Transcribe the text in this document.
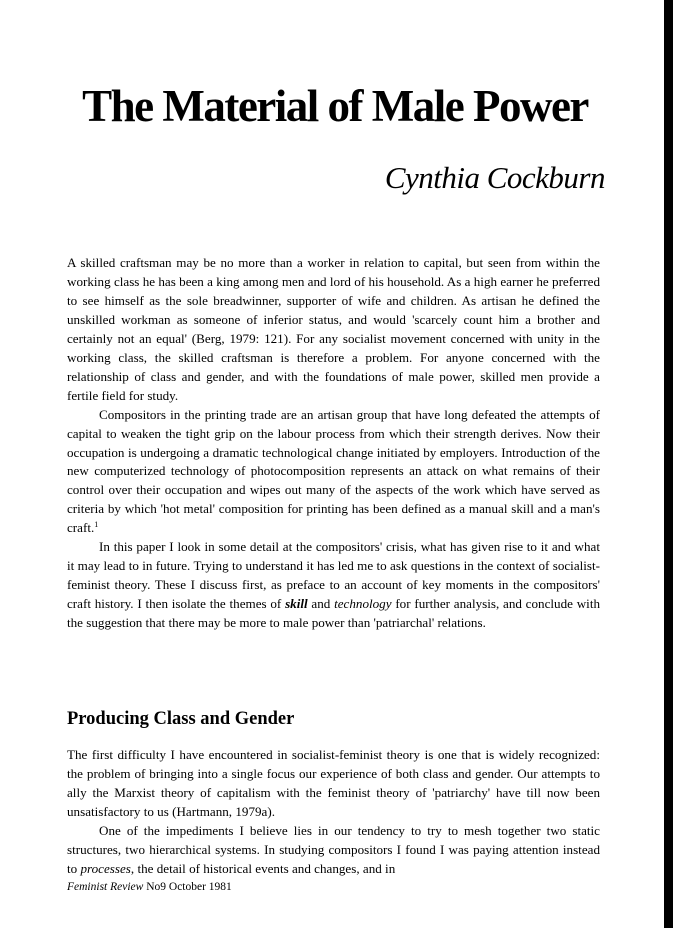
The Material of Male Power
Cynthia Cockburn

A skilled craftsman may be no more than a worker in relation to capital, but seen from within the working class he has been a king among men and lord of his household. As a high earner he preferred to see himself as the sole breadwinner, supporter of wife and children. As artisan he defined the unskilled workman as someone of inferior status, and would 'scarcely count him a brother and certainly not an equal' (Berg, 1979: 121). For any socialist movement concerned with unity in the working class, the skilled craftsman is therefore a problem. For anyone concerned with the relationship of class and gender, and with the foundations of male power, skilled men provide a fertile field for study.

Compositors in the printing trade are an artisan group that have long defeated the attempts of capital to weaken the tight grip on the labour process from which their strength derives. Now their occupation is undergoing a dramatic technological change initiated by employers. Introduction of the new computerized technology of photocomposition represents an attack on what remains of their control over their occupation and wipes out many of the aspects of the work which have served as criteria by which 'hot metal' composition for printing has been defined as a manual skill and a man's craft.$^1$

In this paper I look in some detail at the compositors' crisis, what has given rise to it and what it may lead to in future. Trying to understand it has led me to ask questions in the context of socialist-feminist theory. These I discuss first, as preface to an account of key moments in the compositors' craft history. I then isolate the themes of skill and technology for further analysis, and conclude with the suggestion that there may be more to male power than 'patriarchal' relations.

Producing Class and Gender

The first difficulty I have encountered in socialist-feminist theory is one that is widely recognized: the problem of bringing into a single focus our experience of both class and gender. Our attempts to ally the Marxist theory of capitalism with the feminist theory of 'patriarchy' have till now been unsatisfactory to us (Hartmann, 1979a).

One of the impediments I believe lies in our tendency to try to mesh together two static structures, two hierarchical systems. In studying compositors I found I was paying attention instead to processes, the detail of historical events and changes, and in

Feminist Review No9 October 1981
